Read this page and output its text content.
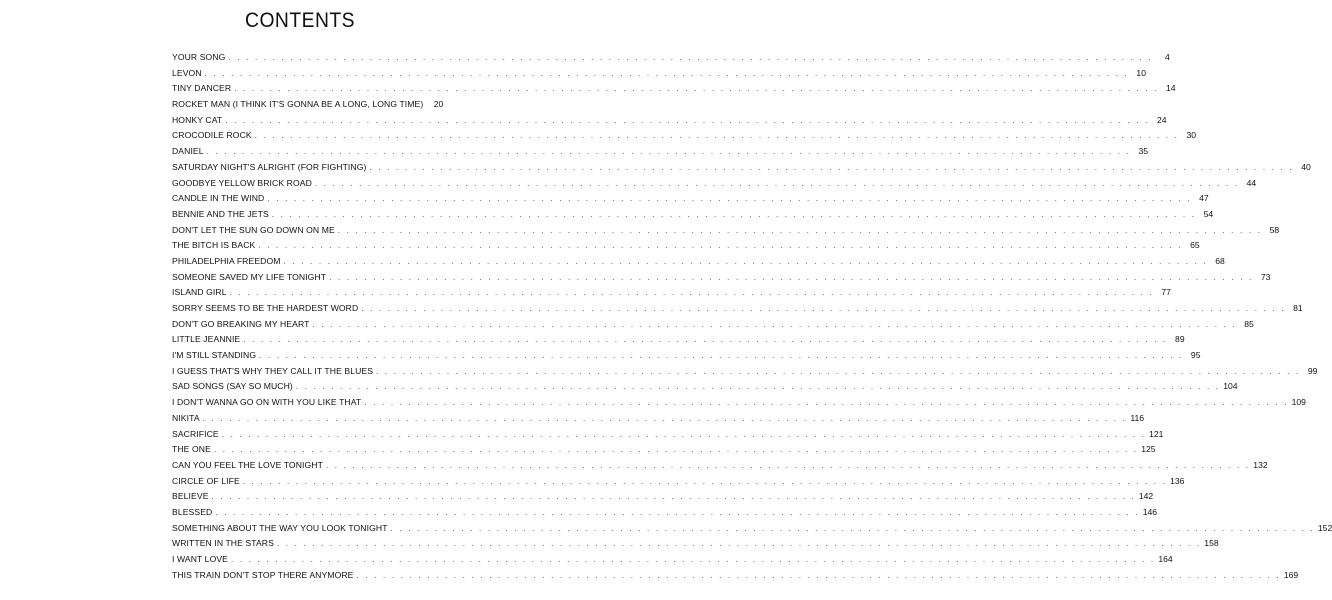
CONTENTS
YOUR SONG . . .	4
LEVON . . .	10
TINY DANCER . . .	14
ROCKET MAN (I THINK IT'S GONNA BE A LONG, LONG TIME)	20
HONKY CAT . . .	24
CROCODILE ROCK . . .	30
DANIEL . . .	35
SATURDAY NIGHT'S ALRIGHT (FOR FIGHTING) . . .	40
GOODBYE YELLOW BRICK ROAD . . .	44
CANDLE IN THE WIND . . .	47
BENNIE AND THE JETS . . .	54
DON'T LET THE SUN GO DOWN ON ME . . .	58
THE BITCH IS BACK . . .	65
PHILADELPHIA FREEDOM . . .	68
SOMEONE SAVED MY LIFE TONIGHT . . .	73
ISLAND GIRL . . .	77
SORRY SEEMS TO BE THE HARDEST WORD . . .	81
DON'T GO BREAKING MY HEART . . .	85
LITTLE JEANNIE . . .	89
I'M STILL STANDING . . .	95
I GUESS THAT'S WHY THEY CALL IT THE BLUES . . .	99
SAD SONGS (SAY SO MUCH) . . .	104
I DON'T WANNA GO ON WITH YOU LIKE THAT . . .	109
NIKITA . . .	116
SACRIFICE . . .	121
THE ONE . . .	125
CAN YOU FEEL THE LOVE TONIGHT . . .	132
CIRCLE OF LIFE . . .	136
BELIEVE . . .	142
BLESSED . . .	146
SOMETHING ABOUT THE WAY YOU LOOK TONIGHT . . .	152
WRITTEN IN THE STARS . . .	158
I WANT LOVE . . .	164
THIS TRAIN DON'T STOP THERE ANYMORE . . .	169
